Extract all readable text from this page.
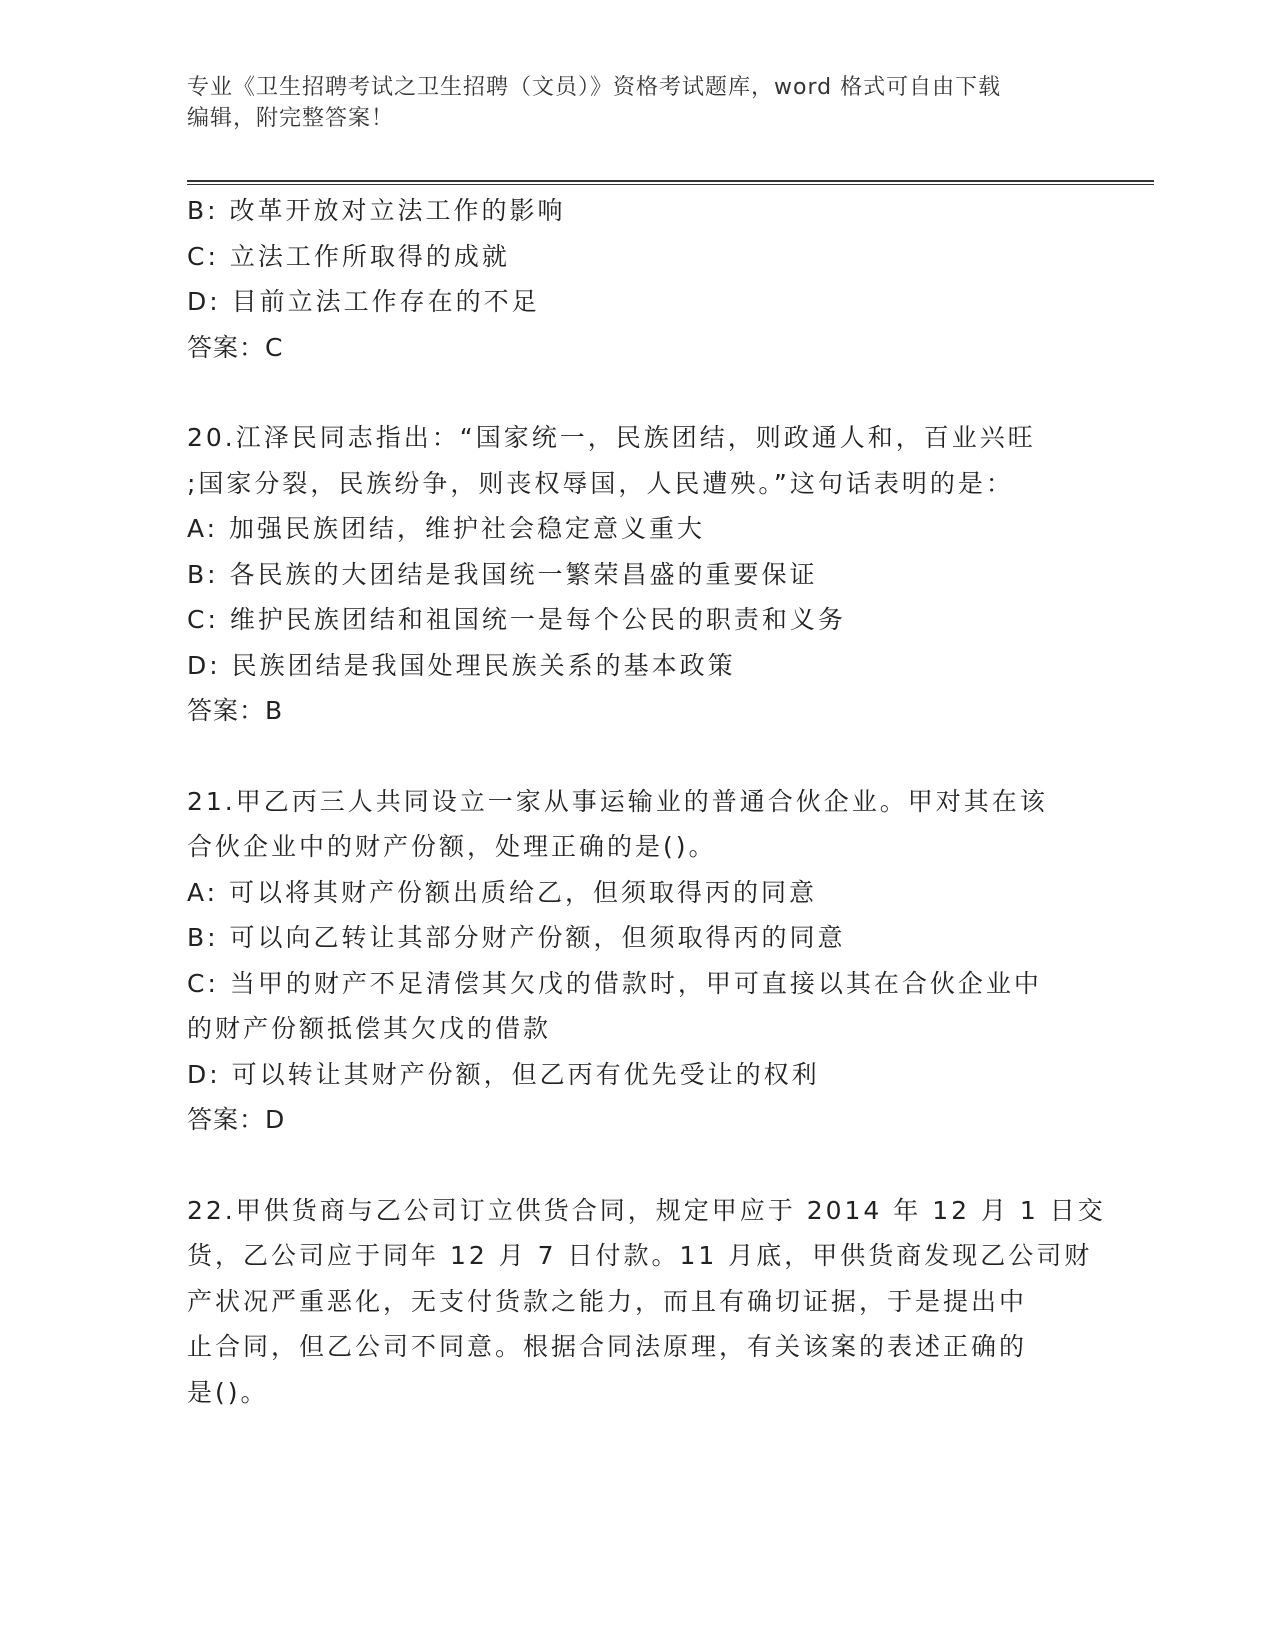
专业《卫生招聘考试之卫生招聘（文员）》资格考试题库，word 格式可自由下载
编辑，附完整答案！
B: 改革开放对立法工作的影响
C: 立法工作所取得的成就
D: 目前立法工作存在的不足
答案：C
20.江泽民同志指出：“国家统一，民族团结，则政通人和，百业兴旺
;国家分裂，民族纷争，则丧权辱国，人民遭殃。”这句话表明的是：
A: 加强民族团结，维护社会稳定意义重大
B: 各民族的大团结是我国统一繁荣昌盛的重要保证
C: 维护民族团结和祖国统一是每个公民的职责和义务
D: 民族团结是我国处理民族关系的基本政策
答案：B
21.甲乙丙三人共同设立一家从事运输业的普通合伙企业。甲对其在该
合伙企业中的财产份额，处理正确的是()。
A: 可以将其财产份额出质给乙，但须取得丙的同意
B: 可以向乙转让其部分财产份额，但须取得丙的同意
C: 当甲的财产不足清偿其欠戊的借款时，甲可直接以其在合伙企业中
的财产份额抵偿其欠戊的借款
D: 可以转让其财产份额，但乙丙有优先受让的权利
答案：D
22.甲供货商与乙公司订立供货合同，规定甲应于 2014 年 12 月 1 日交
货，乙公司应于同年 12 月 7 日付款。11 月底，甲供货商发现乙公司财
产状况严重恶化，无支付货款之能力，而且有确切证据，于是提出中
止合同，但乙公司不同意。根据合同法原理，有关该案的表述正确的
是()。
